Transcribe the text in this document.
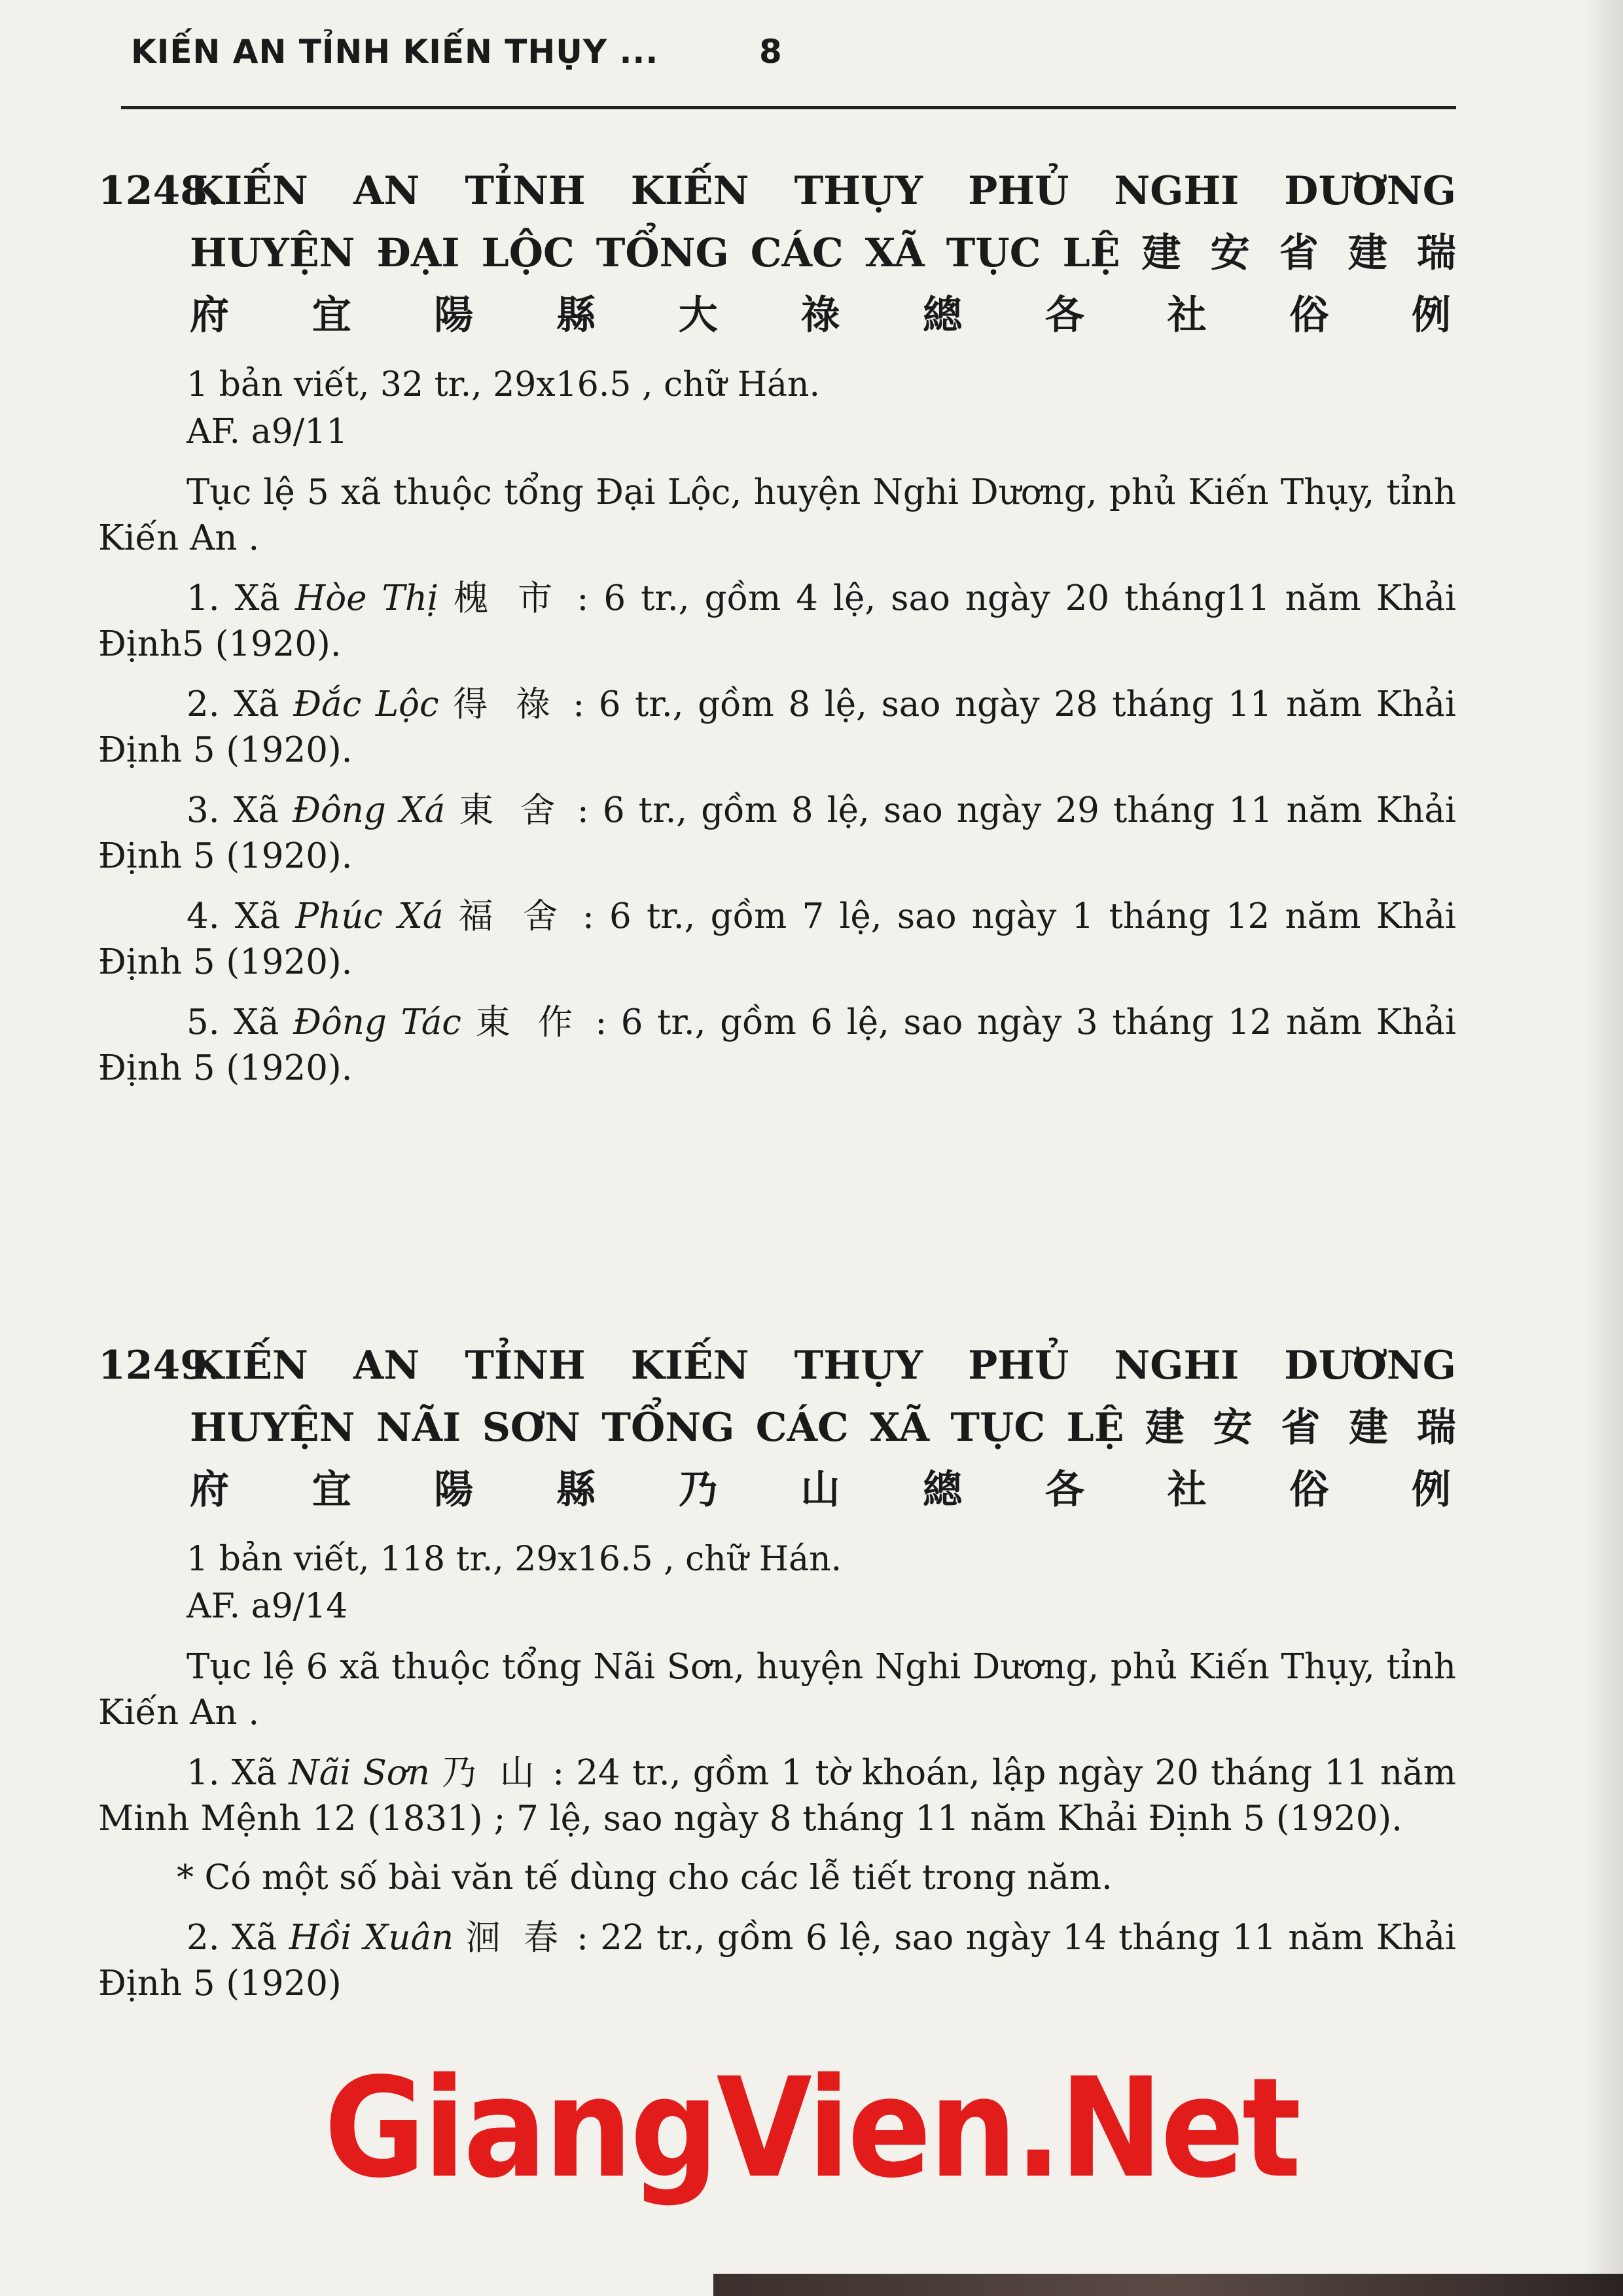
KIẾN AN TỈNH KIẾN THỤY ...	8
1248.KIẾN AN TỈNH KIẾN THỤY PHỦ NGHI DƯƠNG
HUYỆN ĐẠI LỘC TỔNG CÁC XÃ TỤC LỆ 建 安 省 建 瑞
府宜陽縣大祿總各社俗例
1 bản viết, 32 tr., 29x16.5 , chữ Hán.
AF. a9/11

Tục lệ 5 xã thuộc tổng Đại Lộc, huyện Nghi Dương, phủ Kiến Thụy, tỉnh Kiến An .

1. Xã Hòe Thị 槐 市 : 6 tr., gồm 4 lệ, sao ngày 20 tháng11 năm Khải Định5 (1920).

2. Xã Đắc Lộc 得 祿 : 6 tr., gồm 8 lệ, sao ngày 28 tháng 11 năm Khải Định 5 (1920).

3. Xã Đông Xá 東 舍 : 6 tr., gồm 8 lệ, sao ngày 29 tháng 11 năm Khải Định 5 (1920).

4. Xã Phúc Xá 福 舍 : 6 tr., gồm 7 lệ, sao ngày 1 tháng 12 năm Khải Định 5 (1920).

5. Xã Đông Tác 東 作 : 6 tr., gồm 6 lệ, sao ngày 3 tháng 12 năm Khải Định 5 (1920).

1249.KIẾN AN TỈNH KIẾN THỤY PHỦ NGHI DƯƠNG
HUYỆN NÃI SƠN TỔNG CÁC XÃ TỤC LỆ 建 安 省 建 瑞
府宜陽縣乃山總各社俗例
1 bản viết, 118 tr., 29x16.5 , chữ Hán.
AF. a9/14

Tục lệ 6 xã thuộc tổng Nãi Sơn, huyện Nghi Dương, phủ Kiến Thụy, tỉnh Kiến An .

1. Xã Nãi Sơn 乃 山 : 24 tr., gồm 1 tờ khoán, lập ngày 20 tháng 11 năm Minh Mệnh 12 (1831) ; 7 lệ, sao ngày 8 tháng 11 năm Khải Định 5 (1920).

* Có một số bài văn tế dùng cho các lễ tiết trong năm.

2. Xã Hồi Xuân 洄 春 : 22 tr., gồm 6 lệ, sao ngày 14 tháng 11 năm Khải Định 5 (1920)

GiangVien.Net
